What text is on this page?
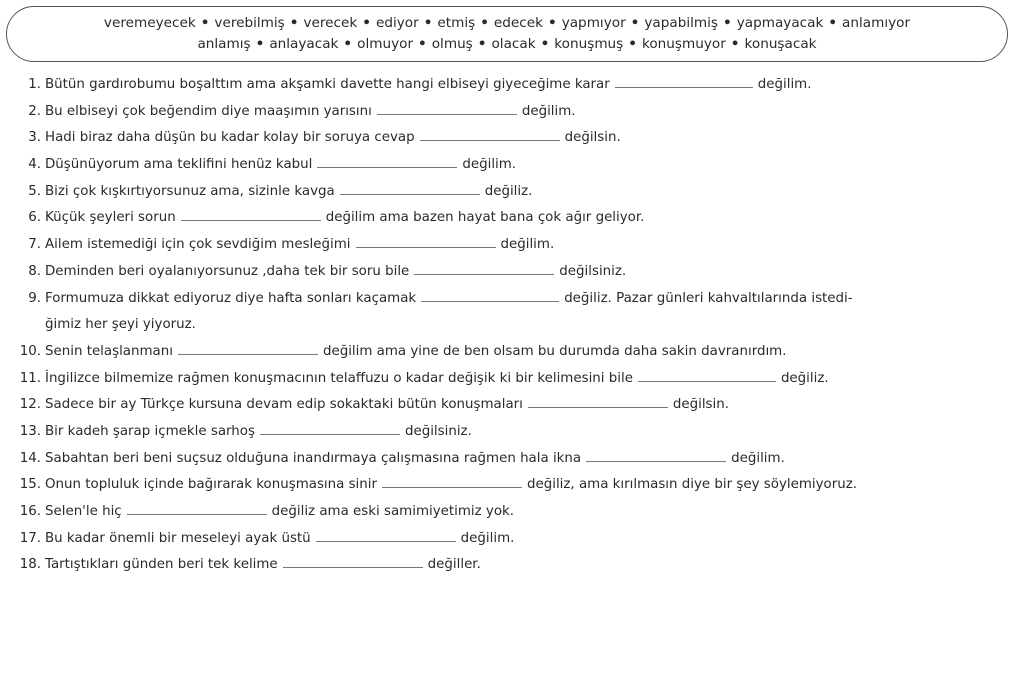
veremeyecek • verebilmiş • verecek • ediyor • etmiş • edecek • yapmıyor • yapabilmiş • yapmayacak • anlamıyor
anlamış • anlayacak • olmuyor • olmuş • olacak • konuşmuş • konuşmuyor • konuşacak
1. Bütün gardırobumu boşalttım ama akşamki davette hangi elbiseyi giyeceğime karar	değilim.
2. Bu elbiseyi çok beğendim diye maaşımın yarısını	değilim.
3. Hadi biraz daha düşün bu kadar kolay bir soruya cevap	değilsin.
4. Düşünüyorum ama teklifini henüz kabul	değilim.
5. Bizi çok kışkırtıyorsunuz ama, sizinle kavga	değiliz.
6. Küçük şeyleri sorun	değilim ama bazen hayat bana çok ağır geliyor.
7. Ailem istemediği için çok sevdiğim mesleğimi	değilim.
8. Deminden beri oyalanıyorsunuz ,daha tek bir soru bile	değilsiniz.
9. Formumuza dikkat ediyoruz diye hafta sonları kaçamak	değiliz. Pazar günleri kahvaltılarında istedi-
ğimiz her şeyi yiyoruz.
10. Senin telaşlanmanı	değilim ama yine de ben olsam bu durumda daha sakin davranırdım.
11. İngilizce bilmemize rağmen konuşmacının telaffuzu o kadar değişik ki bir kelimesini bile	değiliz.
12. Sadece bir ay Türkçe kursuna devam edip sokaktaki bütün konuşmaları	değilsin.
13. Bir kadeh şarap içmekle sarhoş	değilsiniz.
14. Sabahtan beri beni suçsuz olduğuna inandırmaya çalışmasına rağmen hala ikna	değilim.
15. Onun topluluk içinde bağırarak konuşmasına sinir	değiliz, ama kırılmasın diye bir şey söylemiyoruz.
16. Selen'le hiç	değiliz ama eski samimiyetimiz yok.
17. Bu kadar önemli bir meseleyi ayak üstü	değilim.
18. Tartıştıkları günden beri tek kelime	değiller.
